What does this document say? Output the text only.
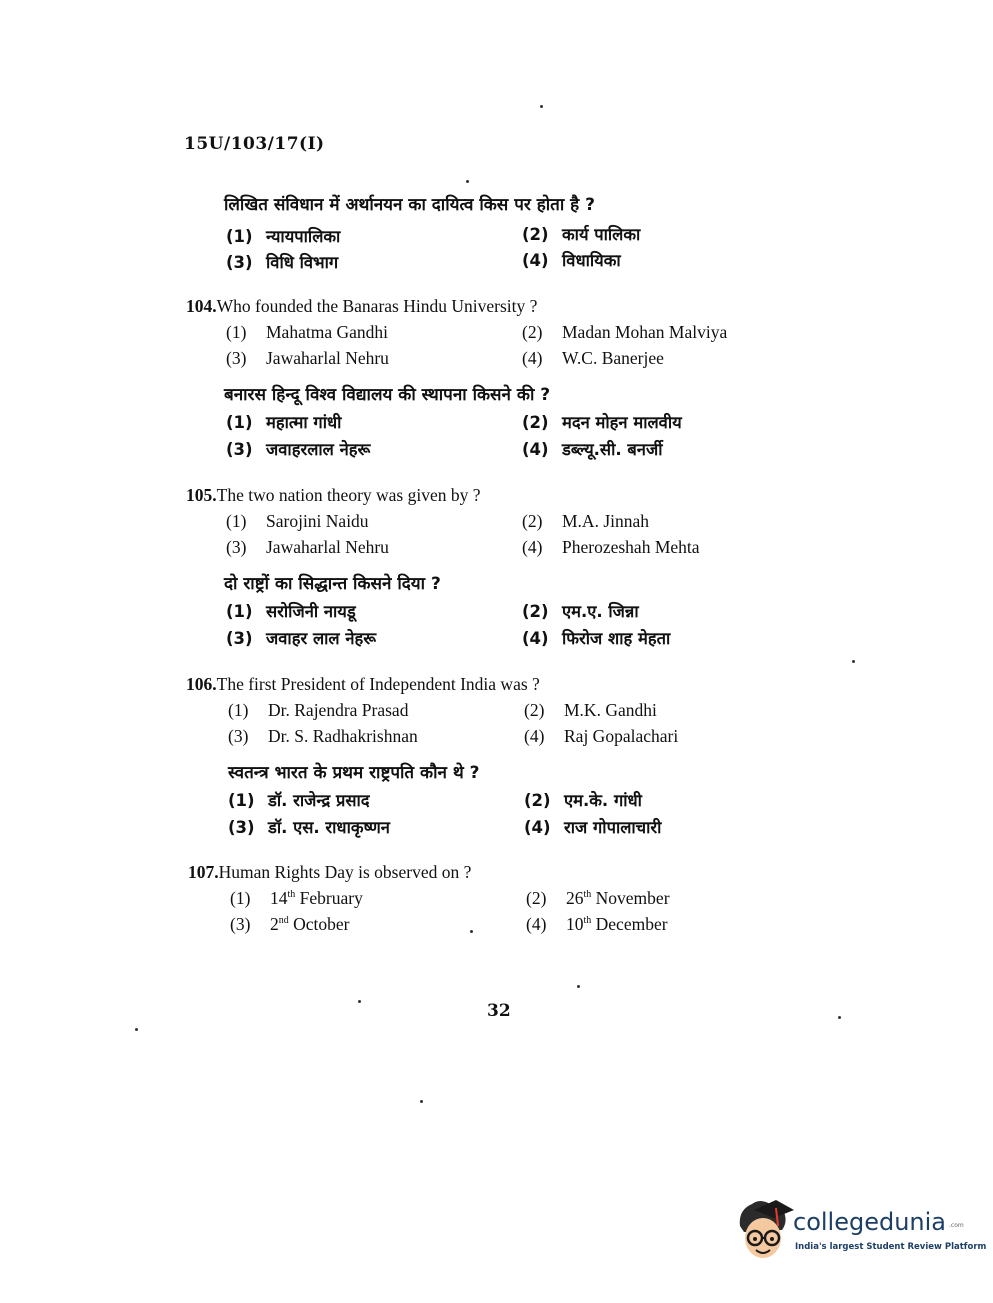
15U/103/17(I)
लिखित संविधान में अर्थानयन का दायित्व किस पर होता है ?
(1) न्यायपालिका	(2) कार्य पालिका
(3) विधि विभाग	(4) विधायिका
104.Who founded the Banaras Hindu University ?
(1) Mahatma Gandhi	(2) Madan Mohan Malviya
(3) Jawaharlal Nehru	(4) W.C. Banerjee
बनारस हिन्दू विश्व विद्यालय की स्थापना किसने की ?
(1) महात्मा गांधी	(2) मदन मोहन मालवीय
(3) जवाहरलाल नेहरू	(4) डब्ल्यू.सी. बनर्जी
105.The two nation theory was given by ?
(1) Sarojini Naidu	(2) M.A. Jinnah
(3) Jawaharlal Nehru	(4) Pherozeshah Mehta
दो राष्ट्रों का सिद्धान्त किसने दिया ?
(1) सरोजिनी नायडू	(2) एम.ए. जिन्ना
(3) जवाहर लाल नेहरू	(4) फिरोज शाह मेहता
106.The first President of Independent India was ?
(1) Dr. Rajendra Prasad	(2) M.K. Gandhi
(3) Dr. S. Radhakrishnan	(4) Raj Gopalachari
स्वतन्त्र भारत के प्रथम राष्ट्रपति कौन थे ?
(1) डॉ. राजेन्द्र प्रसाद	(2) एम.के. गांधी
(3) डॉ. एस. राधाकृष्णन	(4) राज गोपालाचारी
107.Human Rights Day is observed on ?
(1) 14th February	(2) 26th November
(3) 2nd October	(4) 10th December
32
collegedunia .com
India's largest Student Review Platform
